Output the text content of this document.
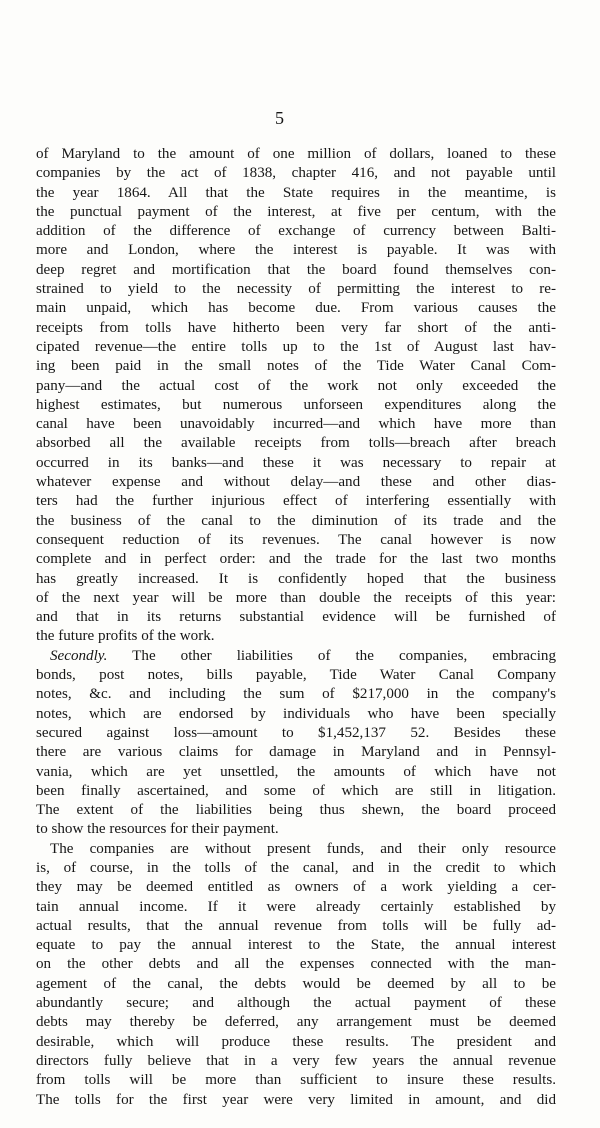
5
of Maryland to the amount of one million of dollars, loaned to these
companies by the act of 1838, chapter 416, and not payable until
the year 1864. All that the State requires in the meantime, is
the punctual payment of the interest, at five per centum, with the
addition of the difference of exchange of currency between Balti-
more and London, where the interest is payable. It was with
deep regret and mortification that the board found themselves con-
strained to yield to the necessity of permitting the interest to re-
main unpaid, which has become due. From various causes the
receipts from tolls have hitherto been very far short of the anti-
cipated revenue—the entire tolls up to the 1st of August last hav-
ing been paid in the small notes of the Tide Water Canal Com-
pany—and the actual cost of the work not only exceeded the
highest estimates, but numerous unforseen expenditures along the
canal have been unavoidably incurred—and which have more than
absorbed all the available receipts from tolls—breach after breach
occurred in its banks—and these it was necessary to repair at
whatever expense and without delay—and these and other dias-
ters had the further injurious effect of interfering essentially with
the business of the canal to the diminution of its trade and the
consequent reduction of its revenues. The canal however is now
complete and in perfect order: and the trade for the last two months
has greatly increased. It is confidently hoped that the business
of the next year will be more than double the receipts of this year:
and that in its returns substantial evidence will be furnished of
the future profits of the work.
Secondly. The other liabilities of the companies, embracing
bonds, post notes, bills payable, Tide Water Canal Company
notes, &c. and including the sum of $217,000 in the company's
notes, which are endorsed by individuals who have been specially
secured against loss—amount to $1,452,137 52. Besides these
there are various claims for damage in Maryland and in Pennsyl-
vania, which are yet unsettled, the amounts of which have not
been finally ascertained, and some of which are still in litigation.
The extent of the liabilities being thus shewn, the board proceed
to show the resources for their payment.
The companies are without present funds, and their only resource
is, of course, in the tolls of the canal, and in the credit to which
they may be deemed entitled as owners of a work yielding a cer-
tain annual income. If it were already certainly established by
actual results, that the annual revenue from tolls will be fully ad-
equate to pay the annual interest to the State, the annual interest
on the other debts and all the expenses connected with the man-
agement of the canal, the debts would be deemed by all to be
abundantly secure; and although the actual payment of these
debts may thereby be deferred, any arrangement must be deemed
desirable, which will produce these results. The president and
directors fully believe that in a very few years the annual revenue
from tolls will be more than sufficient to insure these results.
The tolls for the first year were very limited in amount, and did
